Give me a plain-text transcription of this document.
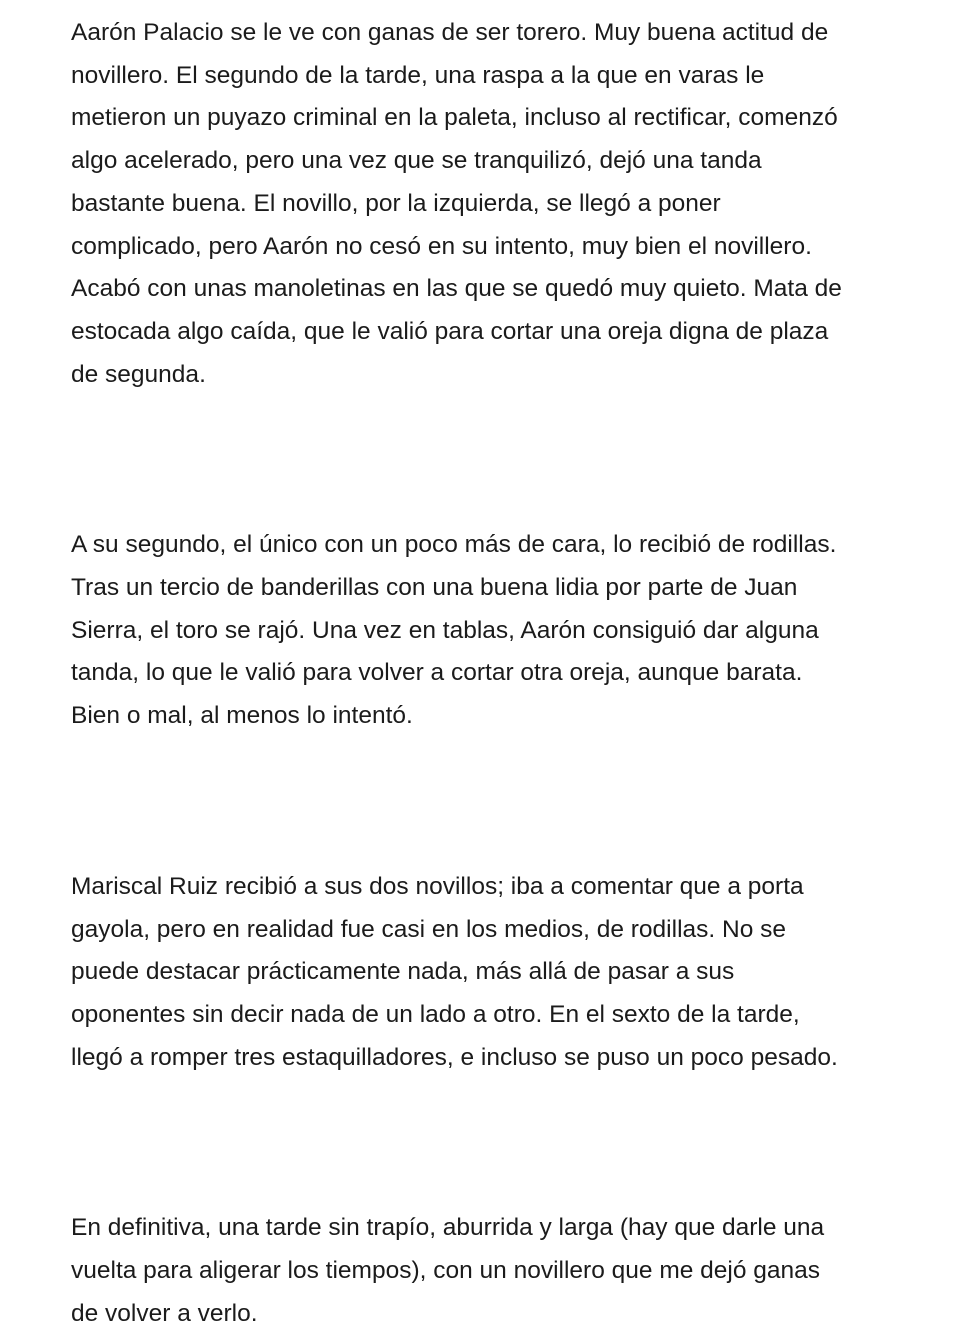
Aarón Palacio se le ve con ganas de ser torero. Muy buena actitud de
novillero. El segundo de la tarde, una raspa a la que en varas le
metieron un puyazo criminal en la paleta, incluso al rectificar, comenzó
algo acelerado, pero una vez que se tranquilizó, dejó una tanda
bastante buena. El novillo, por la izquierda, se llegó a poner
complicado, pero Aarón no cesó en su intento, muy bien el novillero.
Acabó con unas manoletinas en las que se quedó muy quieto. Mata de
estocada algo caída, que le valió para cortar una oreja digna de plaza
de segunda.

A su segundo, el único con un poco más de cara, lo recibió de rodillas.
Tras un tercio de banderillas con una buena lidia por parte de Juan
Sierra, el toro se rajó. Una vez en tablas, Aarón consiguió dar alguna
tanda, lo que le valió para volver a cortar otra oreja, aunque barata.
Bien o mal, al menos lo intentó.

Mariscal Ruiz recibió a sus dos novillos; iba a comentar que a porta
gayola, pero en realidad fue casi en los medios, de rodillas. No se
puede destacar prácticamente nada, más allá de pasar a sus
oponentes sin decir nada de un lado a otro. En el sexto de la tarde,
llegó a romper tres estaquilladores, e incluso se puso un poco pesado.

En definitiva, una tarde sin trapío, aburrida y larga (hay que darle una
vuelta para aligerar los tiempos), con un novillero que me dejó ganas
de volver a verlo.
